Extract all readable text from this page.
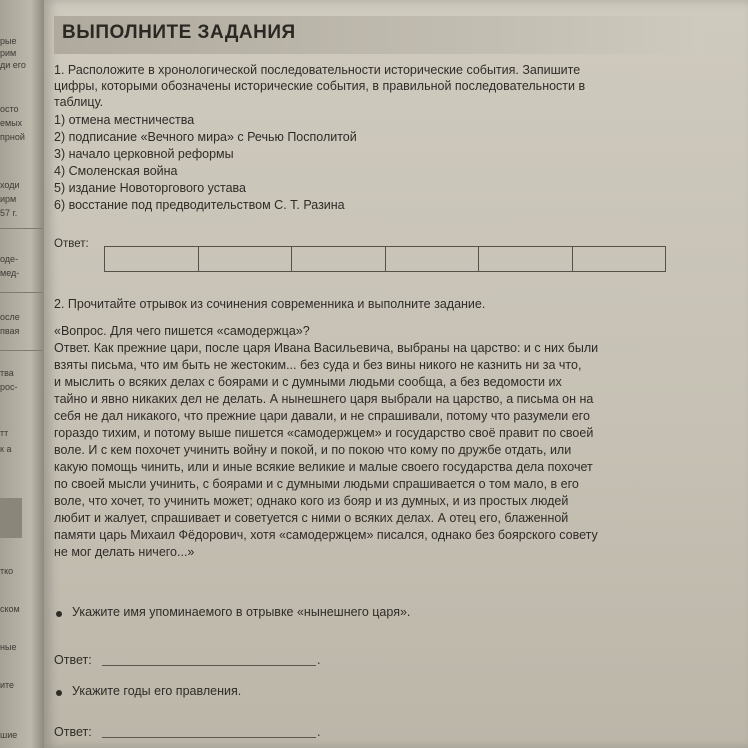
рые
рим
ди его
осто
емых
прной
ходи
ирм
57 г.
оде-
мед-
осле
пвая
тва
рос-
тт
к а
тко
ском
ные
ите
шие
ВЫПОЛНИТЕ ЗАДАНИЯ
1. Расположите в хронологической последовательности исторические события. Запишите
цифры, которыми обозначены исторические события, в правильной последовательности в
таблицу.
1) отмена местничества
2) подписание «Вечного мира» с Речью Посполитой
3) начало церковной реформы
4) Смоленская война
5) издание Новоторгового устава
6) восстание под предводительством С. Т. Разина
Ответ:
2. Прочитайте отрывок из сочинения современника и выполните задание.
«Вопрос. Для чего пишется «самодержца»?
Ответ. Как прежние цари, после царя Ивана Васильевича, выбраны на царство: и с них были
взяты письма, что им быть не жестоким... без суда и без вины никого не казнить ни за что,
и мыслить о всяких делах с боярами и с думными людьми сообща, а без ведомости их
тайно и явно никаких дел не делать. А нынешнего царя выбрали на царство, а письма он на
себя не дал никакого, что прежние цари давали, и не спрашивали, потому что разумели его
гораздо тихим, и потому выше пишется «самодержцем» и государство своё правит по своей
воле. И с кем похочет учинить войну и покой, и по покою что кому по дружбе отдать, или
какую помощь чинить, или и иные всякие великие и малые своего государства дела похочет
по своей мысли учинить, с боярами и с думными людьми спрашивается о том мало, в его
воле, что хочет, то учинить может; однако кого из бояр и из думных, и из простых людей
любит и жалует, спрашивает и советуется с ними о всяких делах. А отец его, блаженной
памяти царь Михаил Фёдорович, хотя «самодержцем» писался, однако без боярского совету
не мог делать ничего...»
Укажите имя упоминаемого в отрывке «нынешнего царя».
Ответ:	.
Укажите годы его правления.
Ответ:	.
